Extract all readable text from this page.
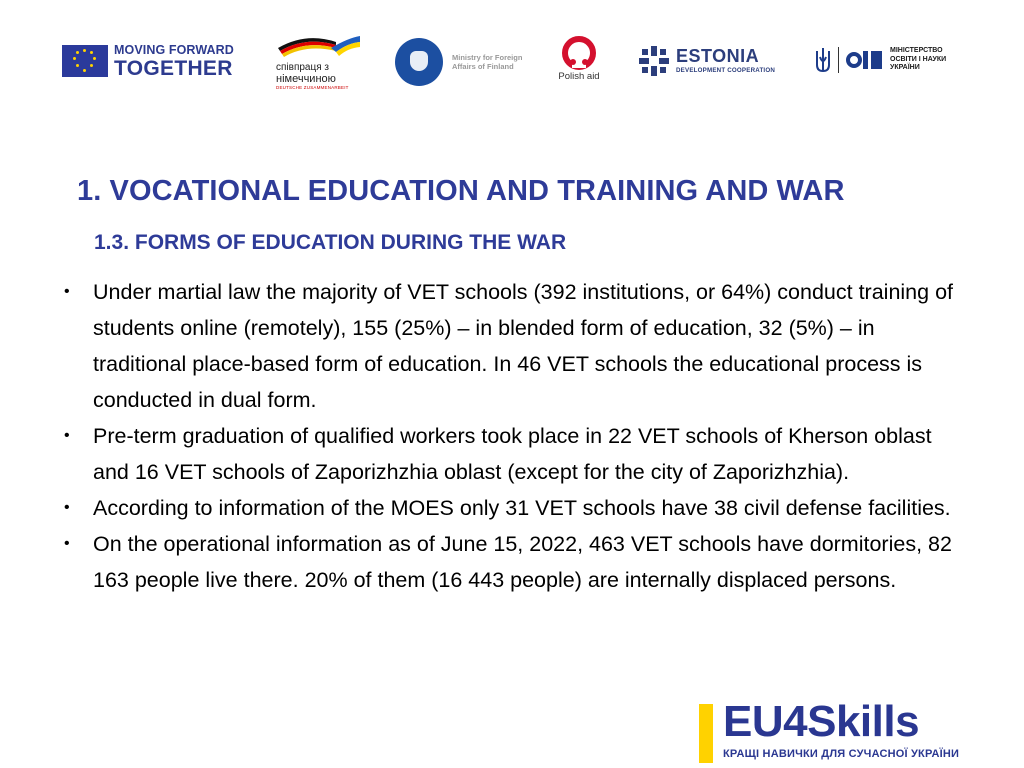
MOVING FORWARD
TOGETHER	співпраця з
німеччиною
DEUTSCHE ZUSAMMENARBEIT
Ministry for Foreign
Affairs of Finland
Polish aid
ESTONIA
DEVELOPMENT COOPERATION
МІНІСТЕРСТВО
ОСВІТИ І НАУКИ
УКРАЇНИ
1. VOCATIONAL EDUCATION AND TRAINING AND WAR
1.3. FORMS OF EDUCATION DURING THE WAR
• Under martial law the majority of VET schools (392 institutions, or 64%) conduct training of students online (remotely), 155 (25%) – in blended form of education, 32 (5%) – in traditional place-based form of education. In 46 VET schools the educational process is conducted in dual form.
• Pre-term graduation of qualified workers took place in 22 VET schools of Kherson oblast and 16 VET schools of Zaporizhzhia oblast (except for the city of Zaporizhzhia).
• According to information of the MOES only 31 VET schools have 38 civil defense facilities.
• On the operational information as of June 15, 2022, 463 VET schools have dormitories, 82 163 people live there. 20% of them (16 443 people) are internally displaced persons.
EU4Skills
КРАЩІ НАВИЧКИ ДЛЯ СУЧАСНОЇ УКРАЇНИ
